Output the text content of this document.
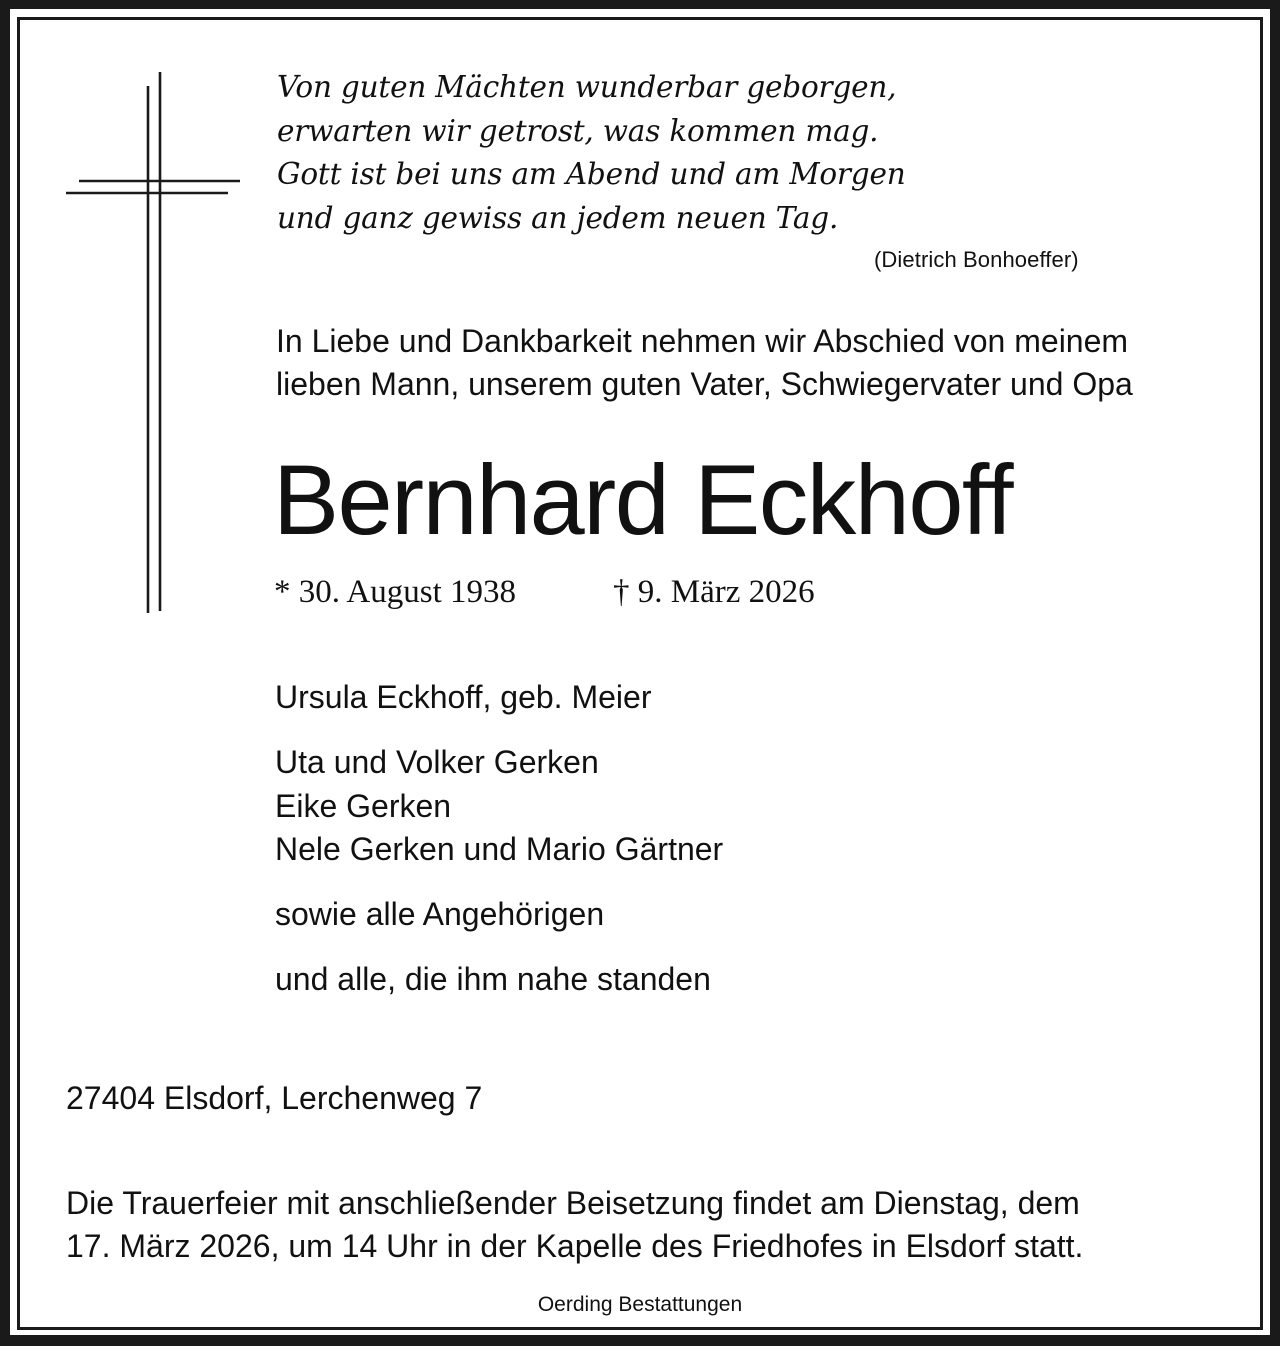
Von guten Mächten wunderbar geborgen,
erwarten wir getrost, was kommen mag.
Gott ist bei uns am Abend und am Morgen
und ganz gewiss an jedem neuen Tag.
(Dietrich Bonhoeffer)
In Liebe und Dankbarkeit nehmen wir Abschied von meinem
lieben Mann, unserem guten Vater, Schwiegervater und Opa
Bernhard Eckhoff
* 30. August 1938	† 9. März 2026
Ursula Eckhoff, geb. Meier
Uta und Volker Gerken
Eike Gerken
Nele Gerken und Mario Gärtner
sowie alle Angehörigen
und alle, die ihm nahe standen
27404 Elsdorf, Lerchenweg 7
Die Trauerfeier mit anschließender Beisetzung findet am Dienstag, dem
17. März 2026, um 14 Uhr in der Kapelle des Friedhofes in Elsdorf statt.
Oerding Bestattungen
